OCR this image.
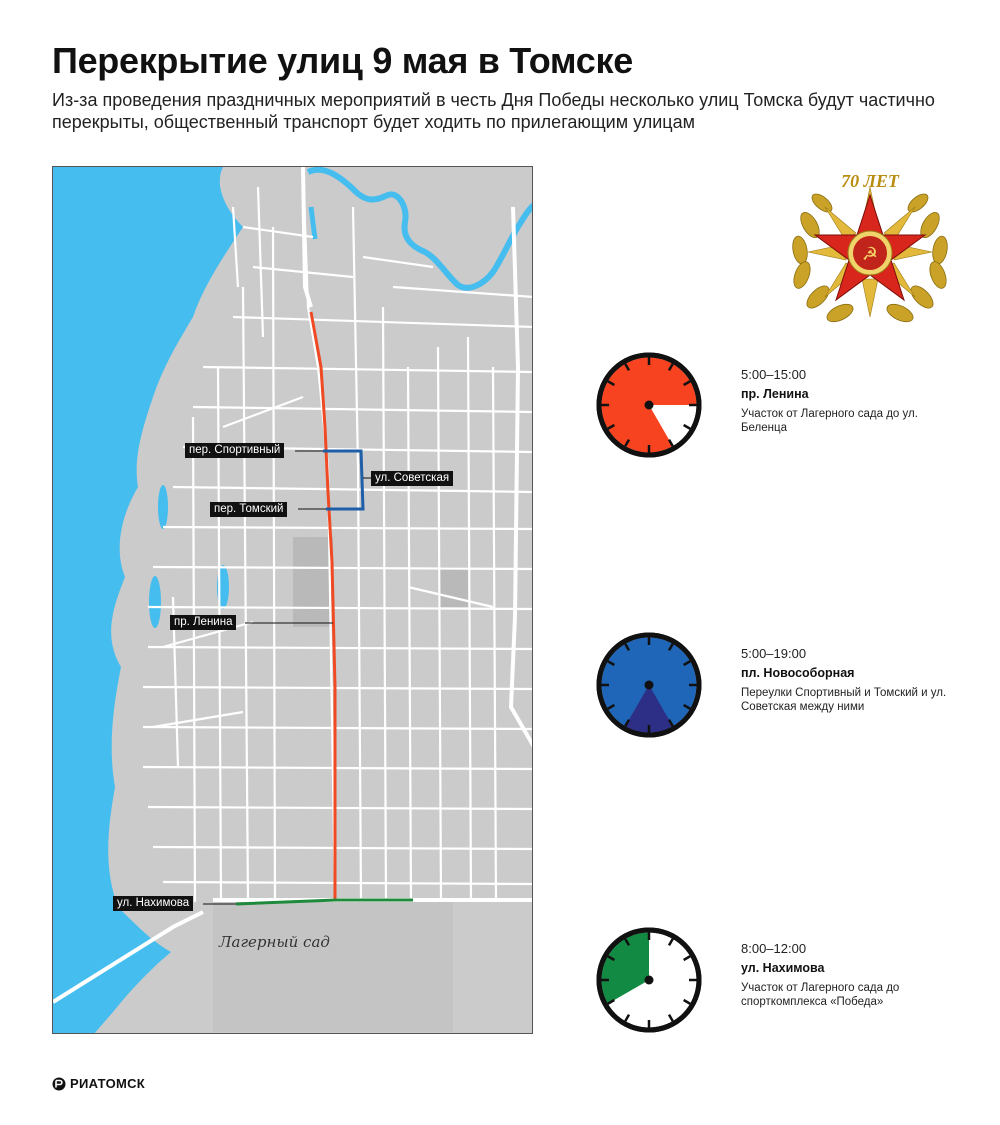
Перекрытие улиц 9 мая в Томске
Из-за проведения праздничных мероприятий в честь Дня Победы несколько улиц Томска будут частично перекрыты, общественный транспорт будет ходить по прилегающим улицам
пер. Спортивный
ул. Советская
пер. Томский
пр. Ленина
ул. Нахимова
Лагерный сад
☭
70 ЛЕТ
5:00–15:00
пр. Ленина
Участок от Лагерного сада до ул. Беленца
5:00–19:00
пл. Новособорная
Переулки Спортивный и Томский и ул. Советская между ними
8:00–12:00
ул. Нахимова
Участок от Лагерного сада до спорткомплекса «Победа»
РИАТОМСК
